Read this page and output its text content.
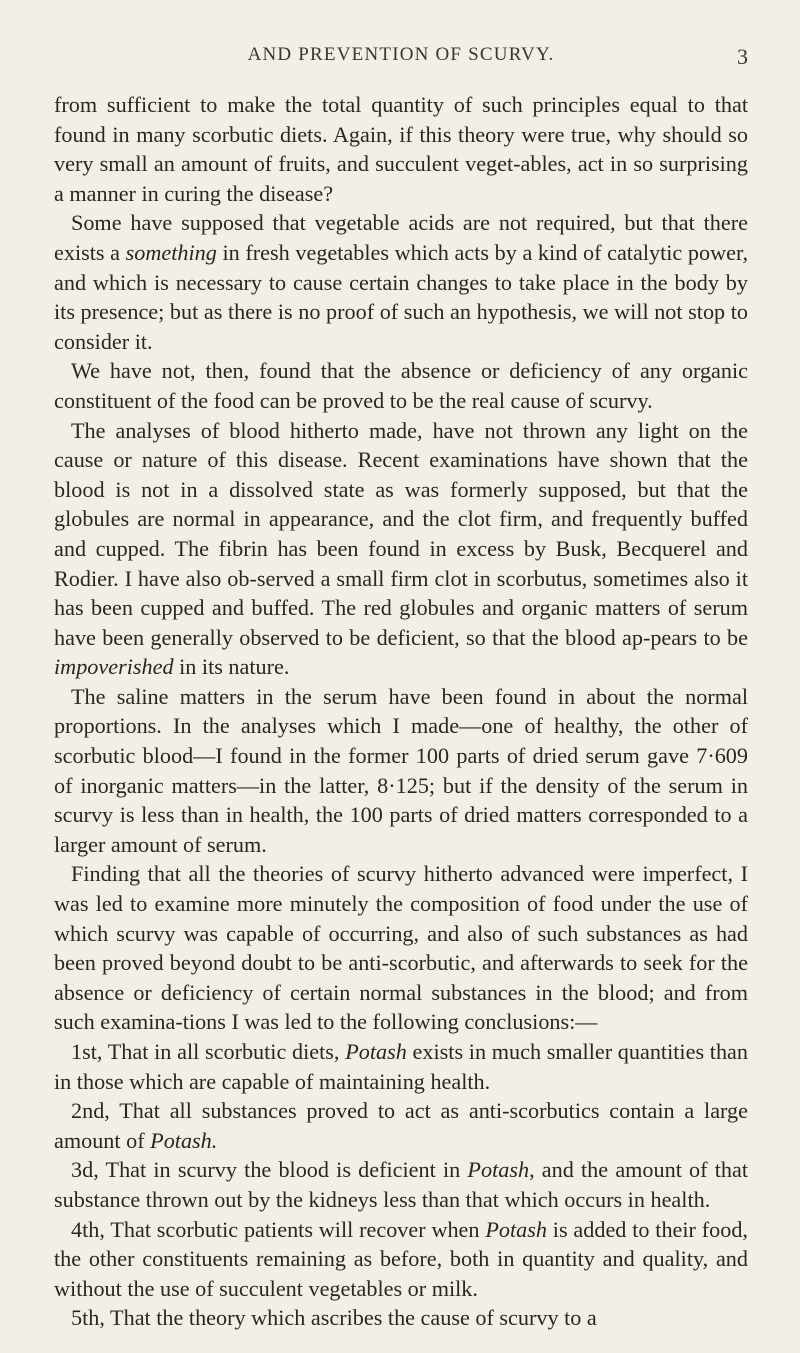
AND PREVENTION OF SCURVY.	3

from sufficient to make the total quantity of such principles equal to that found in many scorbutic diets. Again, if this theory were true, why should so very small an amount of fruits, and succulent veget-ables, act in so surprising a manner in curing the disease?

Some have supposed that vegetable acids are not required, but that there exists a something in fresh vegetables which acts by a kind of catalytic power, and which is necessary to cause certain changes to take place in the body by its presence; but as there is no proof of such an hypothesis, we will not stop to consider it.

We have not, then, found that the absence or deficiency of any organic constituent of the food can be proved to be the real cause of scurvy.

The analyses of blood hitherto made, have not thrown any light on the cause or nature of this disease. Recent examinations have shown that the blood is not in a dissolved state as was formerly supposed, but that the globules are normal in appearance, and the clot firm, and frequently buffed and cupped. The fibrin has been found in excess by Busk, Becquerel and Rodier. I have also ob-served a small firm clot in scorbutus, sometimes also it has been cupped and buffed. The red globules and organic matters of serum have been generally observed to be deficient, so that the blood ap-pears to be impoverished in its nature.

The saline matters in the serum have been found in about the normal proportions. In the analyses which I made—one of healthy, the other of scorbutic blood—I found in the former 100 parts of dried serum gave 7·609 of inorganic matters—in the latter, 8·125; but if the density of the serum in scurvy is less than in health, the 100 parts of dried matters corresponded to a larger amount of serum.

Finding that all the theories of scurvy hitherto advanced were imperfect, I was led to examine more minutely the composition of food under the use of which scurvy was capable of occurring, and also of such substances as had been proved beyond doubt to be anti-scorbutic, and afterwards to seek for the absence or deficiency of certain normal substances in the blood; and from such examina-tions I was led to the following conclusions:—

1st, That in all scorbutic diets, Potash exists in much smaller quantities than in those which are capable of maintaining health.

2nd, That all substances proved to act as anti-scorbutics contain a large amount of Potash.

3d, That in scurvy the blood is deficient in Potash, and the amount of that substance thrown out by the kidneys less than that which occurs in health.

4th, That scorbutic patients will recover when Potash is added to their food, the other constituents remaining as before, both in quantity and quality, and without the use of succulent vegetables or milk.

5th, That the theory which ascribes the cause of scurvy to a
